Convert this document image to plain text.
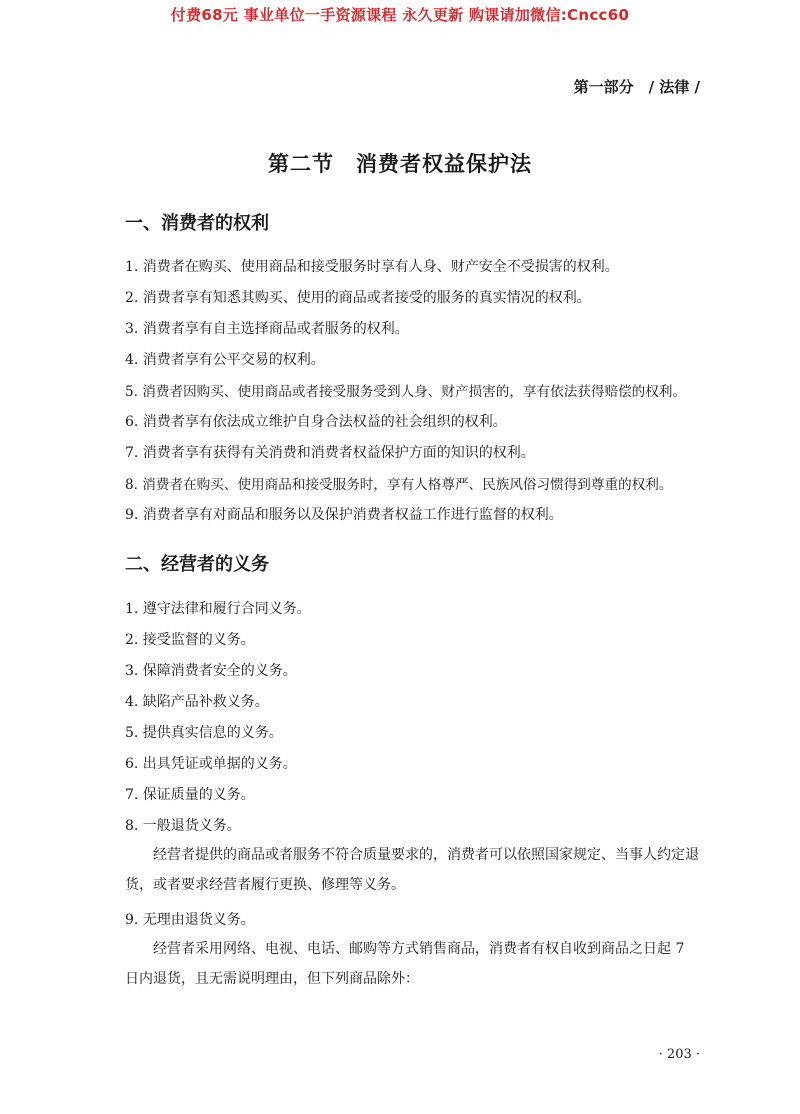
付费68元 事业单位一手资源课程 永久更新 购课请加微信:Cncc60
第一部分　/ 法律 /
第二节　消费者权益保护法
一、消费者的权利
1. 消费者在购买、使用商品和接受服务时享有人身、财产安全不受损害的权利。
2. 消费者享有知悉其购买、使用的商品或者接受的服务的真实情况的权利。
3. 消费者享有自主选择商品或者服务的权利。
4. 消费者享有公平交易的权利。
5. 消费者因购买、使用商品或者接受服务受到人身、财产损害的，享有依法获得赔偿的权利。
6. 消费者享有依法成立维护自身合法权益的社会组织的权利。
7. 消费者享有获得有关消费和消费者权益保护方面的知识的权利。
8. 消费者在购买、使用商品和接受服务时，享有人格尊严、民族风俗习惯得到尊重的权利。
9. 消费者享有对商品和服务以及保护消费者权益工作进行监督的权利。
二、经营者的义务
1. 遵守法律和履行合同义务。
2. 接受监督的义务。
3. 保障消费者安全的义务。
4. 缺陷产品补救义务。
5. 提供真实信息的义务。
6. 出具凭证或单据的义务。
7. 保证质量的义务。
8. 一般退货义务。
经营者提供的商品或者服务不符合质量要求的，消费者可以依照国家规定、当事人约定退货，或者要求经营者履行更换、修理等义务。
9. 无理由退货义务。
经营者采用网络、电视、电话、邮购等方式销售商品，消费者有权自收到商品之日起 7 日内退货，且无需说明理由，但下列商品除外：
· 203 ·
